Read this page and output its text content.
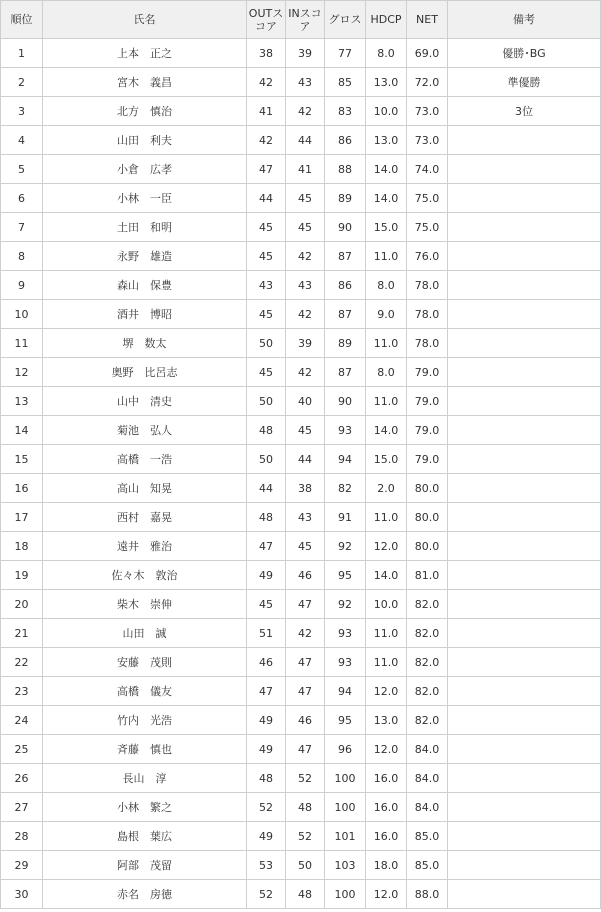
順位	氏名	OUTスコア	INスコア	グロス	HDCP	NET	備考
1	上本　正之	38	39	77	8.0	69.0	優勝･BG
2	宮木　義昌	42	43	85	13.0	72.0	準優勝
3	北方　慎治	41	42	83	10.0	73.0	3位
4	山田　利夫	42	44	86	13.0	73.0	
5	小倉　広孝	47	41	88	14.0	74.0	
6	小林　一臣	44	45	89	14.0	75.0	
7	土田　和明	45	45	90	15.0	75.0	
8	永野　雄造	45	42	87	11.0	76.0	
9	森山　保豊	43	43	86	8.0	78.0	
10	酒井　博昭	45	42	87	9.0	78.0	
11	堺　数太	50	39	89	11.0	78.0	
12	奥野　比呂志	45	42	87	8.0	79.0	
13	山中　清史	50	40	90	11.0	79.0	
14	菊池　弘人	48	45	93	14.0	79.0	
15	高橋　一浩	50	44	94	15.0	79.0	
16	高山　知晃	44	38	82	2.0	80.0	
17	西村　嘉晃	48	43	91	11.0	80.0	
18	遠井　雅治	47	45	92	12.0	80.0	
19	佐々木　敦治	49	46	95	14.0	81.0	
20	柴木　崇伸	45	47	92	10.0	82.0	
21	山田　誠	51	42	93	11.0	82.0	
22	安藤　茂則	46	47	93	11.0	82.0	
23	高橋　儀友	47	47	94	12.0	82.0	
24	竹内　光浩	49	46	95	13.0	82.0	
25	斉藤　慎也	49	47	96	12.0	84.0	
26	長山　淳	48	52	100	16.0	84.0	
27	小林　繁之	52	48	100	16.0	84.0	
28	島根　葉広	49	52	101	16.0	85.0	
29	阿部　茂留	53	50	103	18.0	85.0	
30	赤名　房徳	52	48	100	12.0	88.0	
